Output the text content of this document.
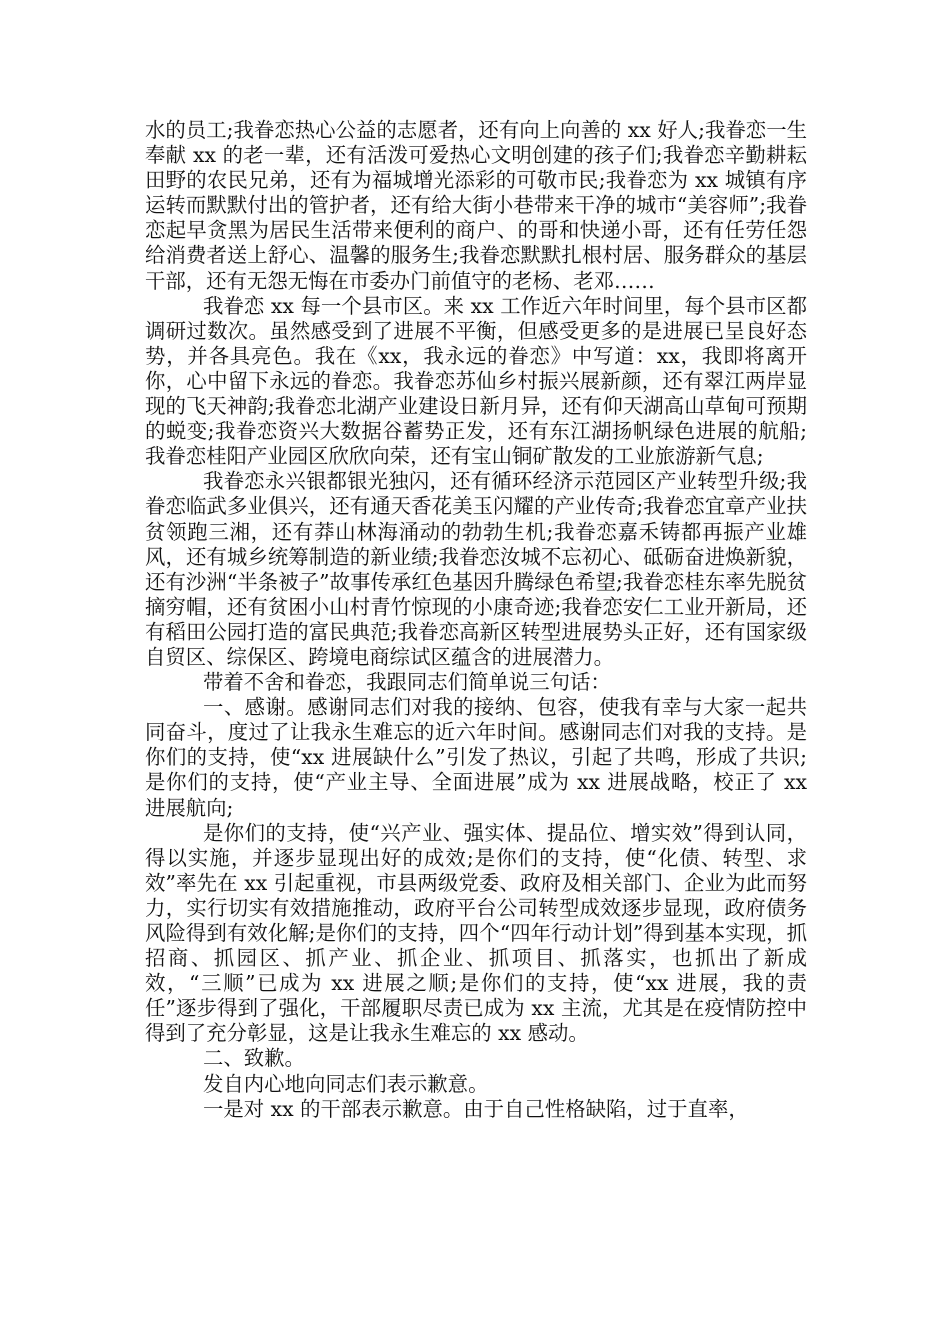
水的员工;我眷恋热心公益的志愿者，还有向上向善的 xx 好人;我眷恋一生奉献 xx 的老一辈，还有活泼可爱热心文明创建的孩子们;我眷恋辛勤耕耘田野的农民兄弟，还有为福城增光添彩的可敬市民;我眷恋为 xx 城镇有序运转而默默付出的管护者，还有给大街小巷带来干净的城市“美容师”;我眷恋起早贪黑为居民生活带来便利的商户、的哥和快递小哥，还有任劳任怨给消费者送上舒心、温馨的服务生;我眷恋默默扎根村居、服务群众的基层干部，还有无怨无悔在市委办门前值守的老杨、老邓……

我眷恋 xx 每一个县市区。来 xx 工作近六年时间里，每个县市区都调研过数次。虽然感受到了进展不平衡，但感受更多的是进展已呈良好态势，并各具亮色。我在《xx，我永远的眷恋》中写道：xx，我即将离开你，心中留下永远的眷恋。我眷恋苏仙乡村振兴展新颜，还有翠江两岸显现的飞天神韵;我眷恋北湖产业建设日新月异，还有仰天湖高山草甸可预期的蜕变;我眷恋资兴大数据谷蓄势正发，还有东江湖扬帆绿色进展的航船;我眷恋桂阳产业园区欣欣向荣，还有宝山铜矿散发的工业旅游新气息;

我眷恋永兴银都银光独闪，还有循环经济示范园区产业转型升级;我眷恋临武多业俱兴，还有通天香花美玉闪耀的产业传奇;我眷恋宜章产业扶贫领跑三湘，还有莽山林海涌动的勃勃生机;我眷恋嘉禾铸都再振产业雄风，还有城乡统筹制造的新业绩;我眷恋汝城不忘初心、砥砺奋进焕新貌，还有沙洲“半条被子”故事传承红色基因升腾绿色希望;我眷恋桂东率先脱贫摘穷帽，还有贫困小山村青竹惊现的小康奇迹;我眷恋安仁工业开新局，还有稻田公园打造的富民典范;我眷恋高新区转型进展势头正好，还有国家级自贸区、综保区、跨境电商综试区蕴含的进展潜力。

带着不舍和眷恋，我跟同志们简单说三句话：

一、感谢。感谢同志们对我的接纳、包容，使我有幸与大家一起共同奋斗，度过了让我永生难忘的近六年时间。感谢同志们对我的支持。是你们的支持，使“xx 进展缺什么”引发了热议，引起了共鸣，形成了共识;是你们的支持，使“产业主导、全面进展”成为 xx 进展战略，校正了 xx 进展航向;

是你们的支持，使“兴产业、强实体、提品位、增实效”得到认同，得以实施，并逐步显现出好的成效;是你们的支持，使“化债、转型、求效”率先在 xx 引起重视，市县两级党委、政府及相关部门、企业为此而努力，实行切实有效措施推动，政府平台公司转型成效逐步显现，政府债务风险得到有效化解;是你们的支持，四个“四年行动计划”得到基本实现，抓招商、抓园区、抓产业、抓企业、抓项目、抓落实，也抓出了新成效，“三顺”已成为 xx 进展之顺;是你们的支持，使“xx 进展，我的责任”逐步得到了强化，干部履职尽责已成为 xx 主流，尤其是在疫情防控中得到了充分彰显，这是让我永生难忘的 xx 感动。

二、致歉。

发自内心地向同志们表示歉意。

一是对 xx 的干部表示歉意。由于自己性格缺陷，过于直率，
